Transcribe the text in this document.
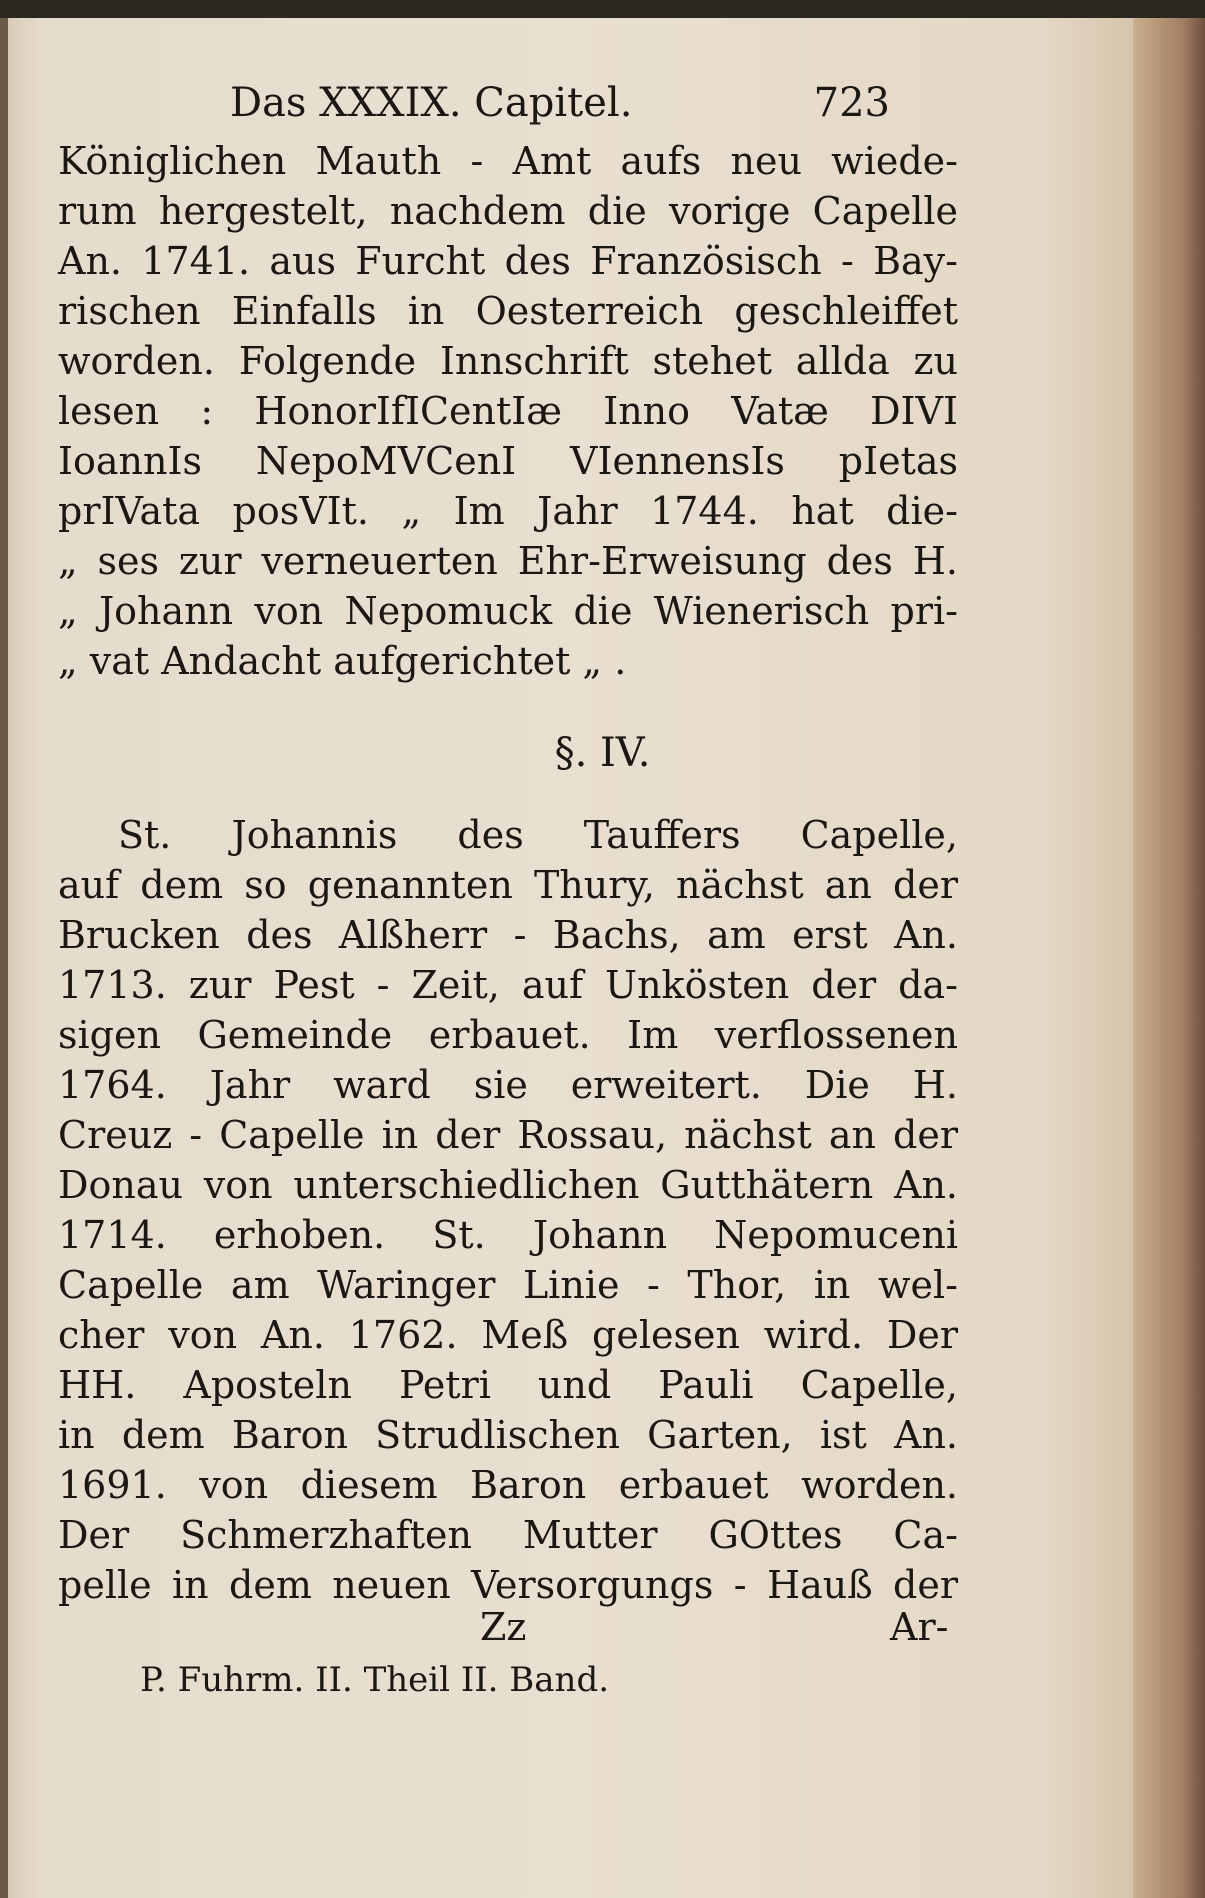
Das XXXIX. Capitel.	723
Königlichen Mauth - Amt aufs neu wiede-
rum hergestelt, nachdem die vorige Capelle
An. 1741. aus Furcht des Französisch - Bay-
rischen Einfalls in Oesterreich geschleiffet
worden. Folgende Innschrift stehet allda zu
lesen : HonorIfICentIæ Inno Vatæ DIVI
IoannIs NepoMVCenI VIennensIs pIetas
prIVata posVIt. „ Im Jahr 1744. hat die-
„ ses zur verneuerten Ehr-Erweisung des H.
„ Johann von Nepomuck die Wienerisch pri-
„ vat Andacht aufgerichtet „ .
§. IV.
St. Johannis des Tauffers Capelle,
auf dem so genannten Thury, nächst an der
Brucken des Alßherr - Bachs, am erst An.
1713. zur Pest - Zeit, auf Unkösten der da-
sigen Gemeinde erbauet. Im verflossenen
1764. Jahr ward sie erweitert. Die H.
Creuz - Capelle in der Rossau, nächst an der
Donau von unterschiedlichen Gutthätern An.
1714. erhoben. St. Johann Nepomuceni
Capelle am Waringer Linie - Thor, in wel-
cher von An. 1762. Meß gelesen wird. Der
HH. Aposteln Petri und Pauli Capelle,
in dem Baron Strudlischen Garten, ist An.
1691. von diesem Baron erbauet worden.
Der Schmerzhaften Mutter GOttes Ca-
pelle in dem neuen Versorgungs - Hauß der
Zz	Ar-
P. Fuhrm. II. Theil II. Band.
